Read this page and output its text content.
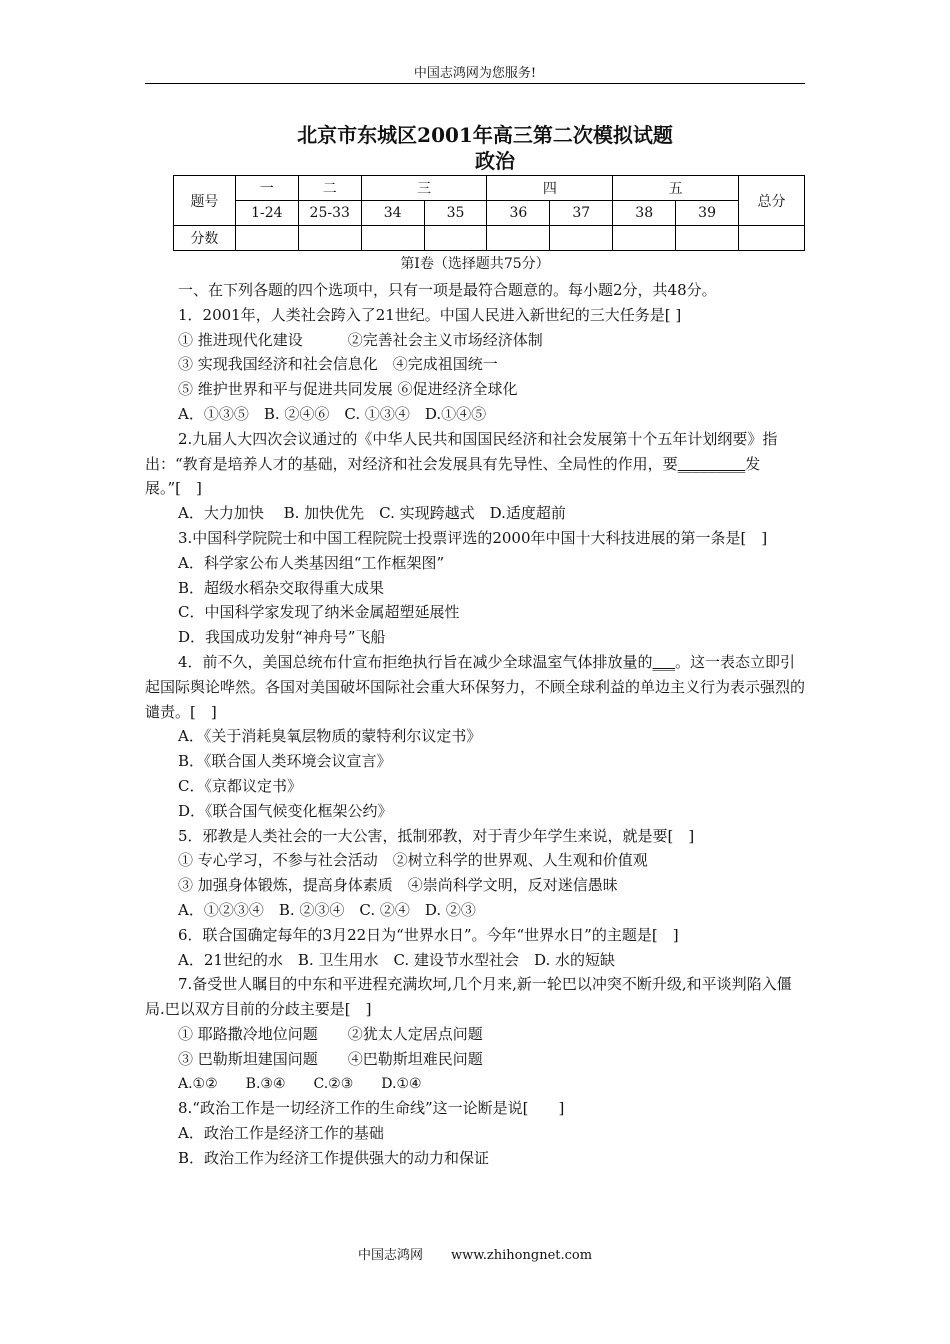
中国志鸿网为您服务!
北京市东城区2001年高三第二次模拟试题
政治
题号	一	二	三		四		五		总分
	1-24	25-33	34	35	36	37	38	39	
分数									
第I卷（选择题共75分）

一、在下列各题的四个选项中，只有一项是最符合题意的。每小题2分，共48分。

1．2001年，人类社会跨入了21世纪。中国人民进入新世纪的三大任务是[ ]

① 推进现代化建设　　　②完善社会主义市场经济体制

③ 实现我国经济和社会信息化　④完成祖国统一

⑤ 维护世界和平与促进共同发展 ⑥促进经济全球化

A．①③⑤　B. ②④⑥　C. ①③④　D.①④⑤

2.九届人大四次会议通过的《中华人民共和国国民经济和社会发展第十个五年计划纲要》指出：“教育是培养人才的基础，对经济和社会发展具有先导性、全局性的作用，要_________发展。”[　]

A．大力加快　 B. 加快优先　C. 实现跨越式　D.适度超前

3.中国科学院院士和中国工程院院士投票评选的2000年中国十大科技进展的第一条是[　]

A．科学家公布人类基因组“工作框架图”

B．超级水稻杂交取得重大成果

C．中国科学家发现了纳米金属超塑延展性

D．我国成功发射“神舟号”飞船

4．前不久，美国总统布什宣布拒绝执行旨在减少全球温室气体排放量的___。这一表态立即引起国际舆论哗然。各国对美国破坏国际社会重大环保努力，不顾全球利益的单边主义行为表示强烈的谴责。[　]

A．《关于消耗臭氧层物质的蒙特利尔议定书》

B．《联合国人类环境会议宣言》

C．《京都议定书》

D．《联合国气候变化框架公约》

5．邪教是人类社会的一大公害，抵制邪教，对于青少年学生来说，就是要[　]

① 专心学习，不参与社会活动　②树立科学的世界观、人生观和价值观

③ 加强身体锻炼，提高身体素质　④崇尚科学文明，反对迷信愚昧

A．①②③④　B. ②③④　C. ②④　D. ②③

6．联合国确定每年的3月22日为“世界水日”。今年“世界水日”的主题是[　]

A．21世纪的水　B. 卫生用水　C. 建设节水型社会　D. 水的短缺

7.备受世人瞩目的中东和平进程充满坎坷,几个月来,新一轮巴以冲突不断升级,和平谈判陷入僵局.巴以双方目前的分歧主要是[　]

① 耶路撒冷地位问题　　②犹太人定居点问题

③ 巴勒斯坦建国问题　　④巴勒斯坦难民问题

A.①②　　B.③④　　C.②③　　D.①④

8.“政治工作是一切经济工作的生命线”这一论断是说[　　]

A．政治工作是经济工作的基础

B．政治工作为经济工作提供强大的动力和保证

中国志鸿网 www.zhihongnet.com
